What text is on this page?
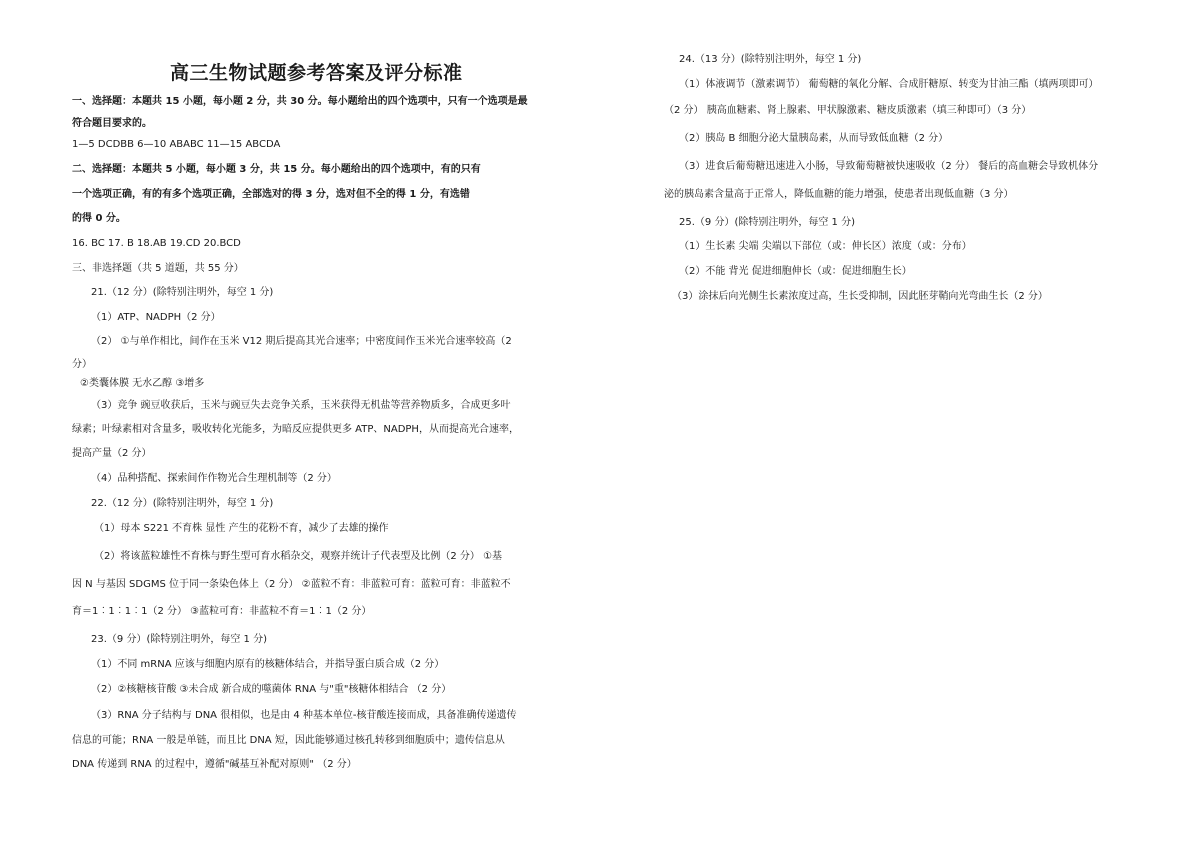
高三生物试题参考答案及评分标准
一、选择题：本题共 15 小题，每小题 2 分，共 30 分。每小题给出的四个选项中，只有一个选项是最
符合题目要求的。
1—5 DCDBB 6—10 ABABC 11—15 ABCDA
二、选择题：本题共 5 小题，每小题 3 分，共 15 分。每小题给出的四个选项中，有的只有
一个选项正确，有的有多个选项正确，全部选对的得 3 分，选对但不全的得 1 分，有选错
的得 0 分。
16. BC 17. B 18.AB 19.CD 20.BCD
三、非选择题（共 5 道题，共 55 分）
21.（12 分）(除特别注明外，每空 1 分)
（1）ATP、NADPH（2 分）
（2） ①与单作相比，间作在玉米 V12 期后提高其光合速率；中密度间作玉米光合速率较高（2
分）
②类囊体膜 无水乙醇 ③增多
（3）竞争 豌豆收获后，玉米与豌豆失去竞争关系，玉米获得无机盐等营养物质多，合成更多叶
绿素；叶绿素相对含量多，吸收转化光能多，为暗反应提供更多 ATP、NADPH，从而提高光合速率，
提高产量（2 分）
（4）品种搭配、探索间作作物光合生理机制等（2 分）
22.（12 分）(除特别注明外，每空 1 分)
（1）母本 S221 不育株 显性 产生的花粉不育，减少了去雄的操作
（2）将该蓝粒雄性不育株与野生型可育水稻杂交，观察并统计子代表型及比例（2 分） ①基
因 N 与基因 SDGMS 位于同一条染色体上（2 分） ②蓝粒不育：非蓝粒可育：蓝粒可育：非蓝粒不
育＝1︰1︰1︰1（2 分） ③蓝粒可育：非蓝粒不育＝1︰1（2 分）
23.（9 分）(除特别注明外，每空 1 分)
（1）不同 mRNA 应该与细胞内原有的核糖体结合，并指导蛋白质合成（2 分）
（2）②核糖核苷酸 ③未合成 新合成的噬菌体 RNA 与"重"核糖体相结合 （2 分）
（3）RNA 分子结构与 DNA 很相似，也是由 4 种基本单位-核苷酸连接而成，具备准确传递遗传
信息的可能；RNA 一般是单链，而且比 DNA 短，因此能够通过核孔转移到细胞质中；遗传信息从
DNA 传递到 RNA 的过程中，遵循"碱基互补配对原则" （2 分）
24.（13 分）(除特别注明外，每空 1 分)
（1）体液调节（激素调节） 葡萄糖的氧化分解、合成肝糖原、转变为甘油三酯（填两项即可）
（2 分） 胰高血糖素、肾上腺素、甲状腺激素、糖皮质激素（填三种即可）（3 分）
（2）胰岛 B 细胞分泌大量胰岛素，从而导致低血糖（2 分）
（3）进食后葡萄糖迅速进入小肠，导致葡萄糖被快速吸收（2 分） 餐后的高血糖会导致机体分
泌的胰岛素含量高于正常人，降低血糖的能力增强，使患者出现低血糖（3 分）
25.（9 分）(除特别注明外，每空 1 分)
（1）生长素 尖端 尖端以下部位（或：伸长区）浓度（或：分布）
（2）不能 背光 促进细胞伸长（或：促进细胞生长）
（3）涂抹后向光侧生长素浓度过高，生长受抑制，因此胚芽鞘向光弯曲生长（2 分）
